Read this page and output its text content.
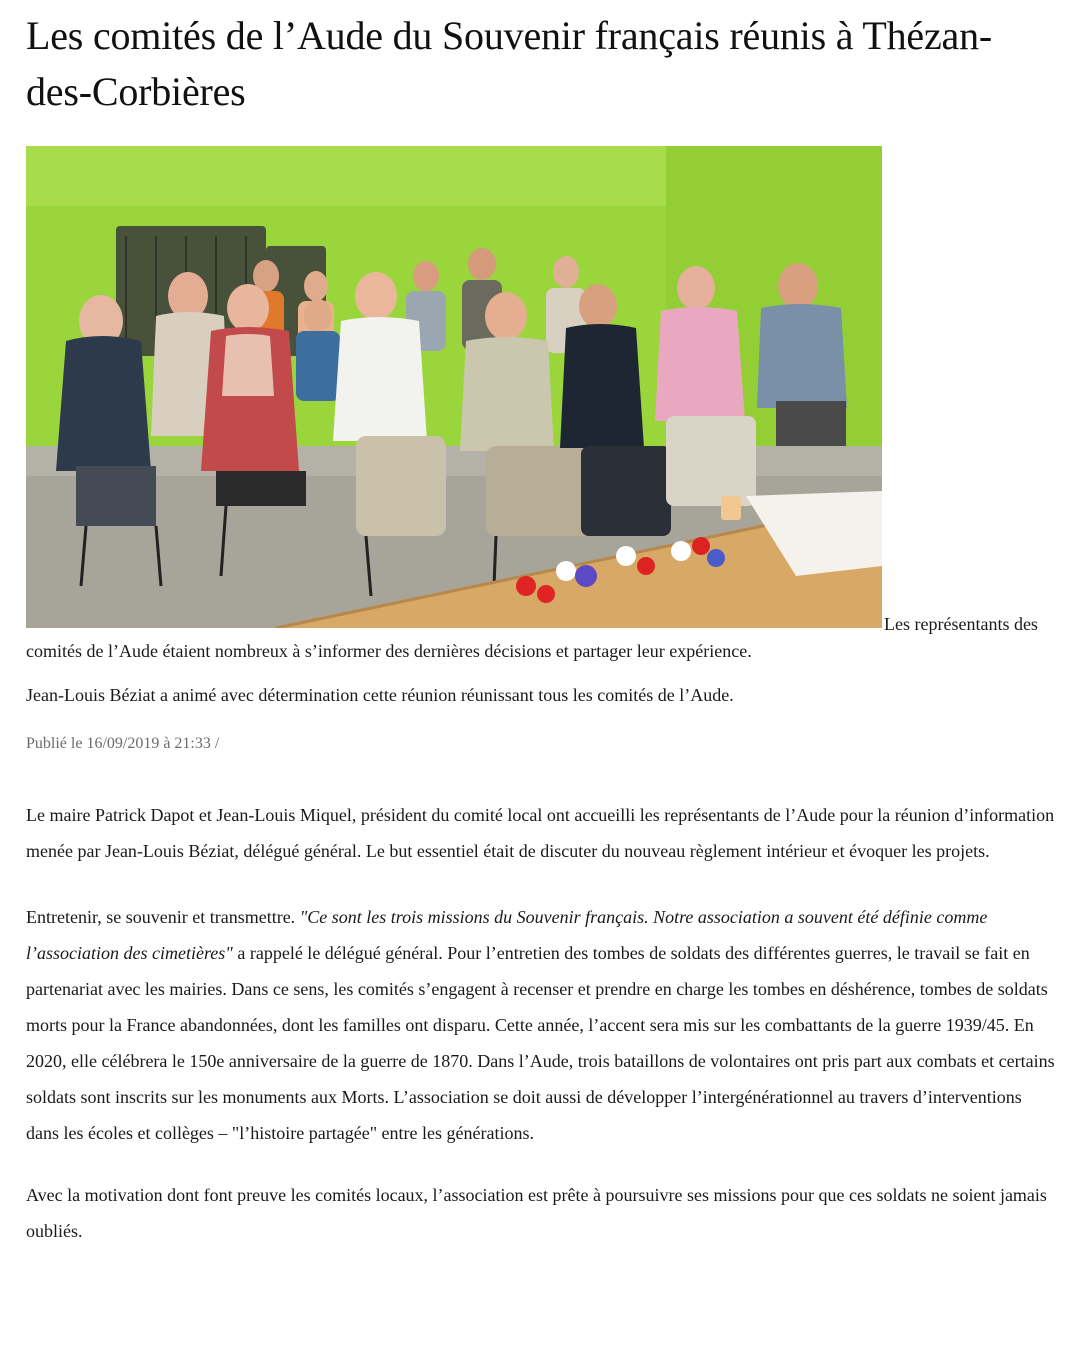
Les comités de l’Aude du Souvenir français réunis à Thézan-des-Corbières
Les représentants des comités de l’Aude étaient nombreux à s’informer des dernières décisions et partager leur expérience.

Jean-Louis Béziat a animé avec détermination cette réunion réunissant tous les comités de l’Aude.

Publié le 16/09/2019 à 21:33 /

Le maire Patrick Dapot et Jean-Louis Miquel, président du comité local ont accueilli les représentants de l’Aude pour la réunion d’information menée par Jean-Louis Béziat, délégué général. Le but essentiel était de discuter du nouveau règlement intérieur et évoquer les projets.

Entretenir, se souvenir et transmettre. "Ce sont les trois missions du Souvenir français. Notre association a souvent été définie comme l’association des cimetières" a rappelé le délégué général. Pour l’entretien des tombes de soldats des différentes guerres, le travail se fait en partenariat avec les mairies. Dans ce sens, les comités s’engagent à recenser et prendre en charge les tombes en déshérence, tombes de soldats morts pour la France abandonnées, dont les familles ont disparu. Cette année, l’accent sera mis sur les combattants de la guerre 1939/45. En 2020, elle célébrera le 150e anniversaire de la guerre de 1870. Dans l’Aude, trois bataillons de volontaires ont pris part aux combats et certains soldats sont inscrits sur les monuments aux Morts. L’association se doit aussi de développer l’intergénérationnel au travers d’interventions dans les écoles et collèges – "l’histoire partagée" entre les générations.

Avec la motivation dont font preuve les comités locaux, l’association est prête à poursuivre ses missions pour que ces soldats ne soient jamais oubliés.
